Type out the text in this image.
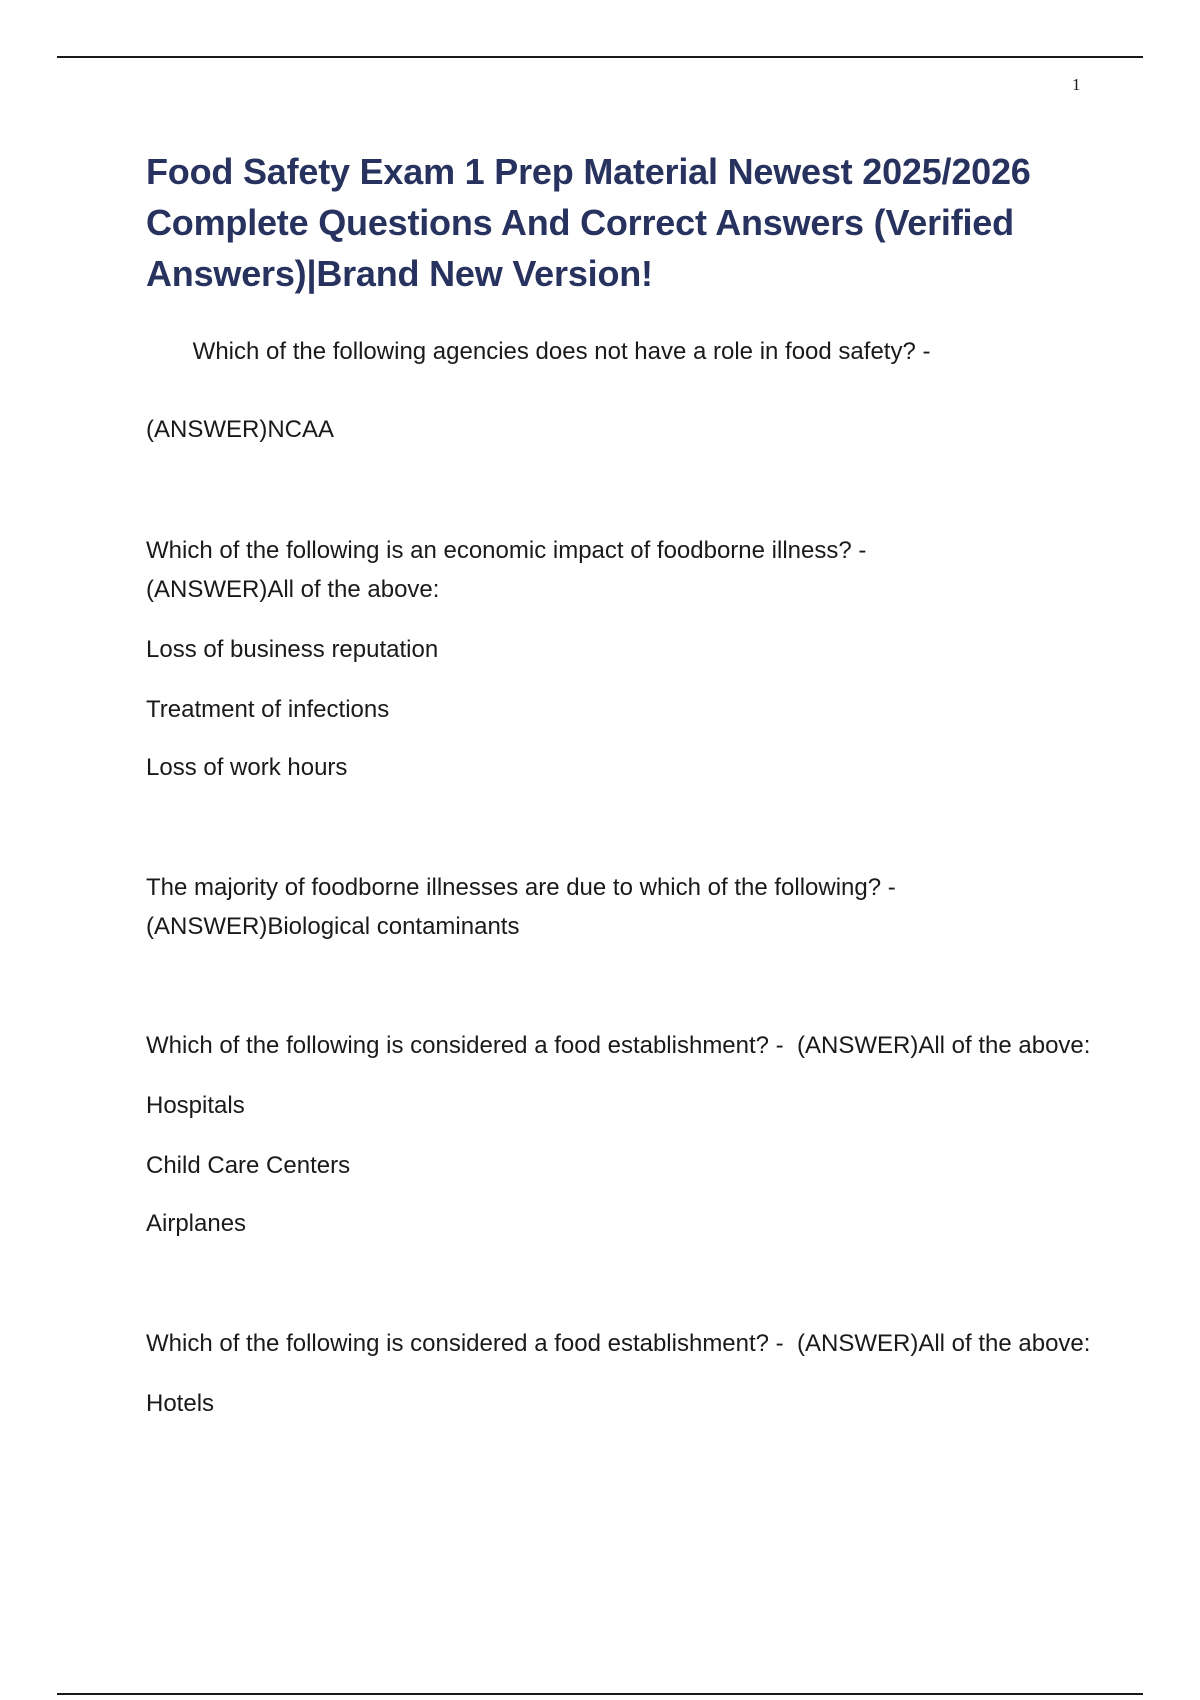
1
Food Safety Exam 1 Prep Material Newest 2025/2026 Complete Questions And Correct Answers (Verified Answers)|Brand New Version!

Which of the following agencies does not have a role in food safety? -

(ANSWER)NCAA

Which of the following is an economic impact of foodborne illness? -

(ANSWER)All of the above:

Loss of business reputation

Treatment of infections

Loss of work hours

The majority of foodborne illnesses are due to which of the following? -

(ANSWER)Biological contaminants

Which of the following is considered a food establishment? -  (ANSWER)All of the above:

Hospitals

Child Care Centers

Airplanes

Which of the following is considered a food establishment? -  (ANSWER)All of the above:

Hotels
